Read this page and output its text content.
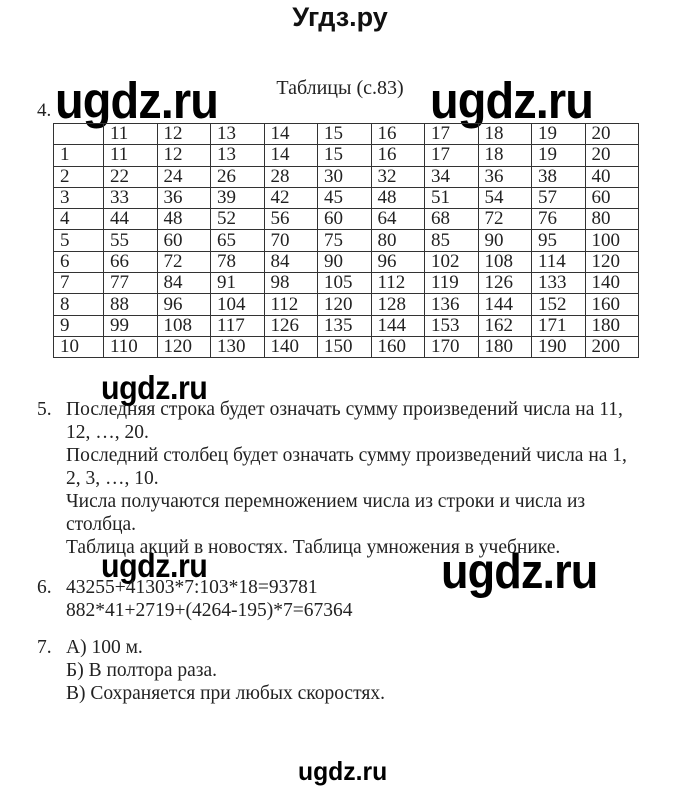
Угдз.ру
ugdz.ru	ugdz.ru
Таблицы (с.83)
4.
	11	12	13	14	15	16	17	18	19	20
1	11	12	13	14	15	16	17	18	19	20
2	22	24	26	28	30	32	34	36	38	40
3	33	36	39	42	45	48	51	54	57	60
4	44	48	52	56	60	64	68	72	76	80
5	55	60	65	70	75	80	85	90	95	100
6	66	72	78	84	90	96	102	108	114	120
7	77	84	91	98	105	112	119	126	133	140
8	88	96	104	112	120	128	136	144	152	160
9	99	108	117	126	135	144	153	162	171	180
10	110	120	130	140	150	160	170	180	190	200
ugdz.ru
5. Последняя строка будет означать сумму произведений числа на 11,
12, …, 20.
Последний столбец будет означать сумму произведений числа на 1,
2, 3, …, 10.
Числа получаются перемножением числа из строки и числа из
столбца.
Таблица акций в новостях. Таблица умножения в учебнике.
ugdz.ru	ugdz.ru
6. 43255+41303*7:103*18=93781
882*41+2719+(4264-195)*7=67364
7. А) 100 м.
Б) В полтора раза.
В) Сохраняется при любых скоростях.
ugdz.ru
